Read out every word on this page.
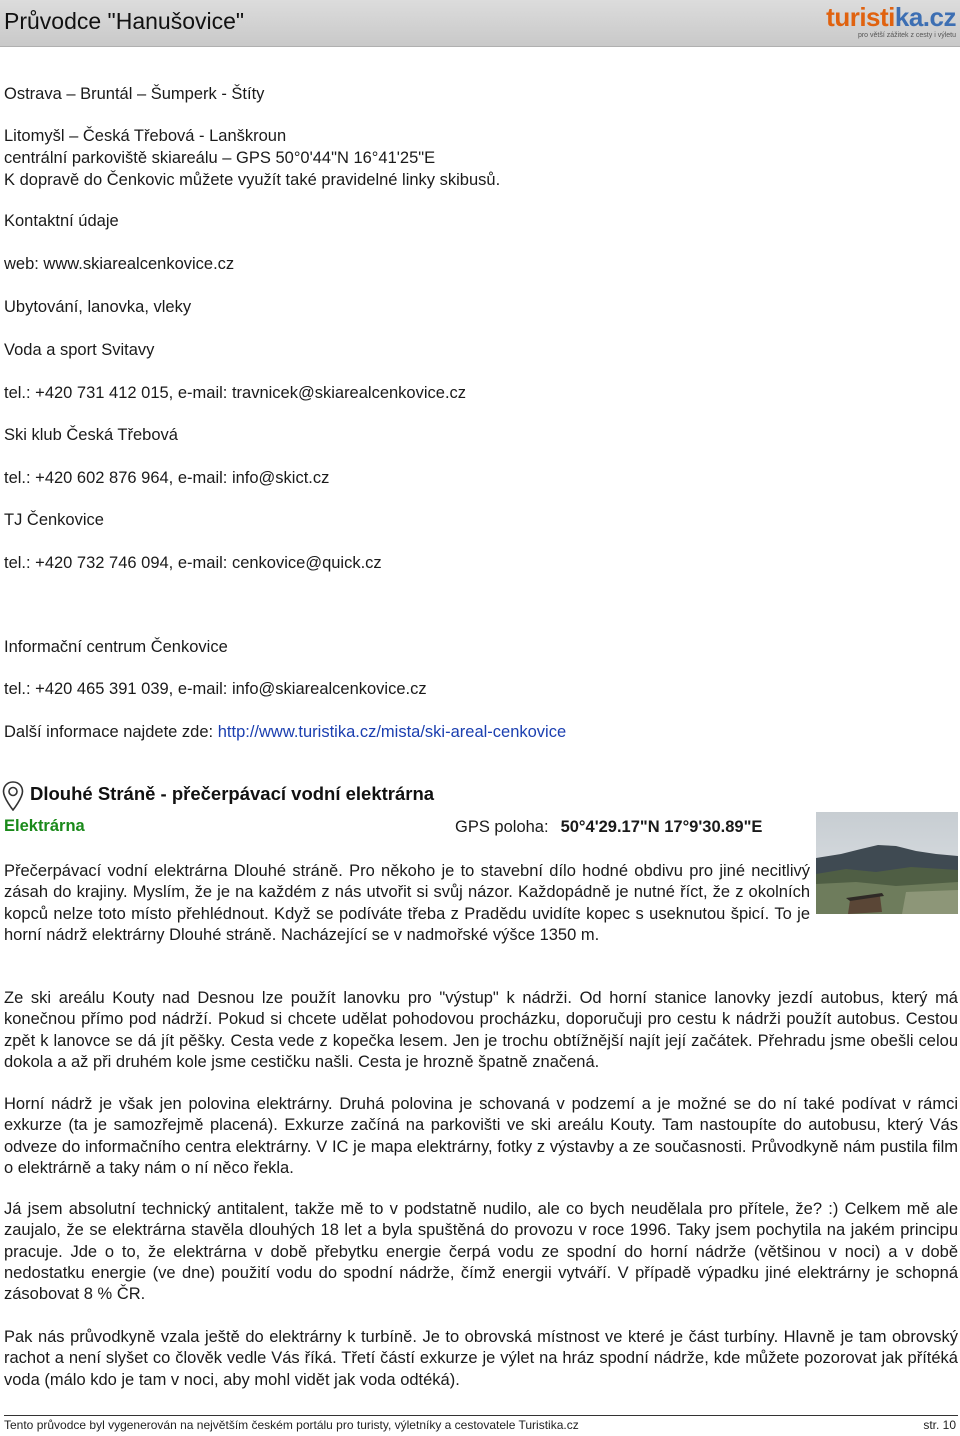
Průvodce "Hanušovice"	turistika.cz
pro větší zážitek z cesty i výletu
Ostrava – Bruntál – Šumperk - Štíty
Litomyšl – Česká Třebová - Lanškroun
centrální parkoviště skiareálu – GPS 50°0'44"N 16°41'25"E
K dopravě do Čenkovic můžete využít také pravidelné linky skibusů.
Kontaktní údaje
web: www.skiarealcenkovice.cz
Ubytování, lanovka, vleky
Voda a sport Svitavy
tel.: +420 731 412 015, e-mail: travnicek@skiarealcenkovice.cz
Ski klub Česká Třebová
tel.: +420 602 876 964, e-mail: info@skict.cz
TJ Čenkovice
tel.: +420 732 746 094, e-mail: cenkovice@quick.cz
Informační centrum Čenkovice
tel.: +420 465 391 039, e-mail: info@skiarealcenkovice.cz
Další informace najdete zde: http://www.turistika.cz/mista/ski-areal-cenkovice
Dlouhé Stráně - přečerpávací vodní elektrárna
Elektrárna	GPS poloha: 50°4'29.17"N 17°9'30.89"E
Přečerpávací vodní elektrárna Dlouhé stráně. Pro někoho je to stavební dílo hodné obdivu pro jiné necitlivý zásah do krajiny. Myslím, že je na každém z nás utvořit si svůj názor. Každopádně je nutné říct, že z okolních kopců nelze toto místo přehlédnout. Když se podíváte třeba z Pradědu uvidíte kopec s useknutou špicí. To je horní nádrž elektrárny Dlouhé stráně. Nacházející se v nadmořské výšce 1350 m.
Ze ski areálu Kouty nad Desnou lze použít lanovku pro "výstup" k nádrži. Od horní stanice lanovky jezdí autobus, který má konečnou přímo pod nádrží. Pokud si chcete udělat pohodovou procházku, doporučuji pro cestu k nádrži použít autobus. Cestou zpět k lanovce se dá jít pěšky. Cesta vede z kopečka lesem. Jen je trochu obtížnější najít její začátek. Přehradu jsme obešli celou dokola a až při druhém kole jsme cestičku našli. Cesta je hrozně špatně značená.
Horní nádrž je však jen polovina elektrárny. Druhá polovina je schovaná v podzemí a je možné se do ní také podívat v rámci exkurze (ta je samozřejmě placená). Exkurze začíná na parkovišti ve ski areálu Kouty. Tam nastoupíte do autobusu, který Vás odveze do informačního centra elektrárny. V IC je mapa elektrárny, fotky z výstavby a ze současnosti. Průvodkyně nám pustila film o elektrárně a taky nám o ní něco řekla.
Já jsem absolutní technický antitalent, takže mě to v podstatně nudilo, ale co bych neudělala pro přítele, že? :) Celkem mě ale zaujalo, že se elektrárna stavěla dlouhých 18 let a byla spuštěná do provozu v roce 1996. Taky jsem pochytila na jakém principu pracuje. Jde o to, že elektrárna v době přebytku energie čerpá vodu ze spodní do horní nádrže (většinou v noci) a v době nedostatku energie (ve dne) použití vodu do spodní nádrže, čímž energii vytváří. V případě výpadku jiné elektrárny je schopná zásobovat 8 % ČR.
Pak nás průvodkyně vzala ještě do elektrárny k turbíně. Je to obrovská místnost ve které je část turbíny. Hlavně je tam obrovský rachot a není slyšet co člověk vedle Vás říká. Třetí částí exkurze je výlet na hráz spodní nádrže, kde můžete pozorovat jak přítéká voda (málo kdo je tam v noci, aby mohl vidět jak voda odtéká).
Tento průvodce byl vygenerován na největším českém portálu pro turisty, výletníky a cestovatele Turistika.cz	str. 10
